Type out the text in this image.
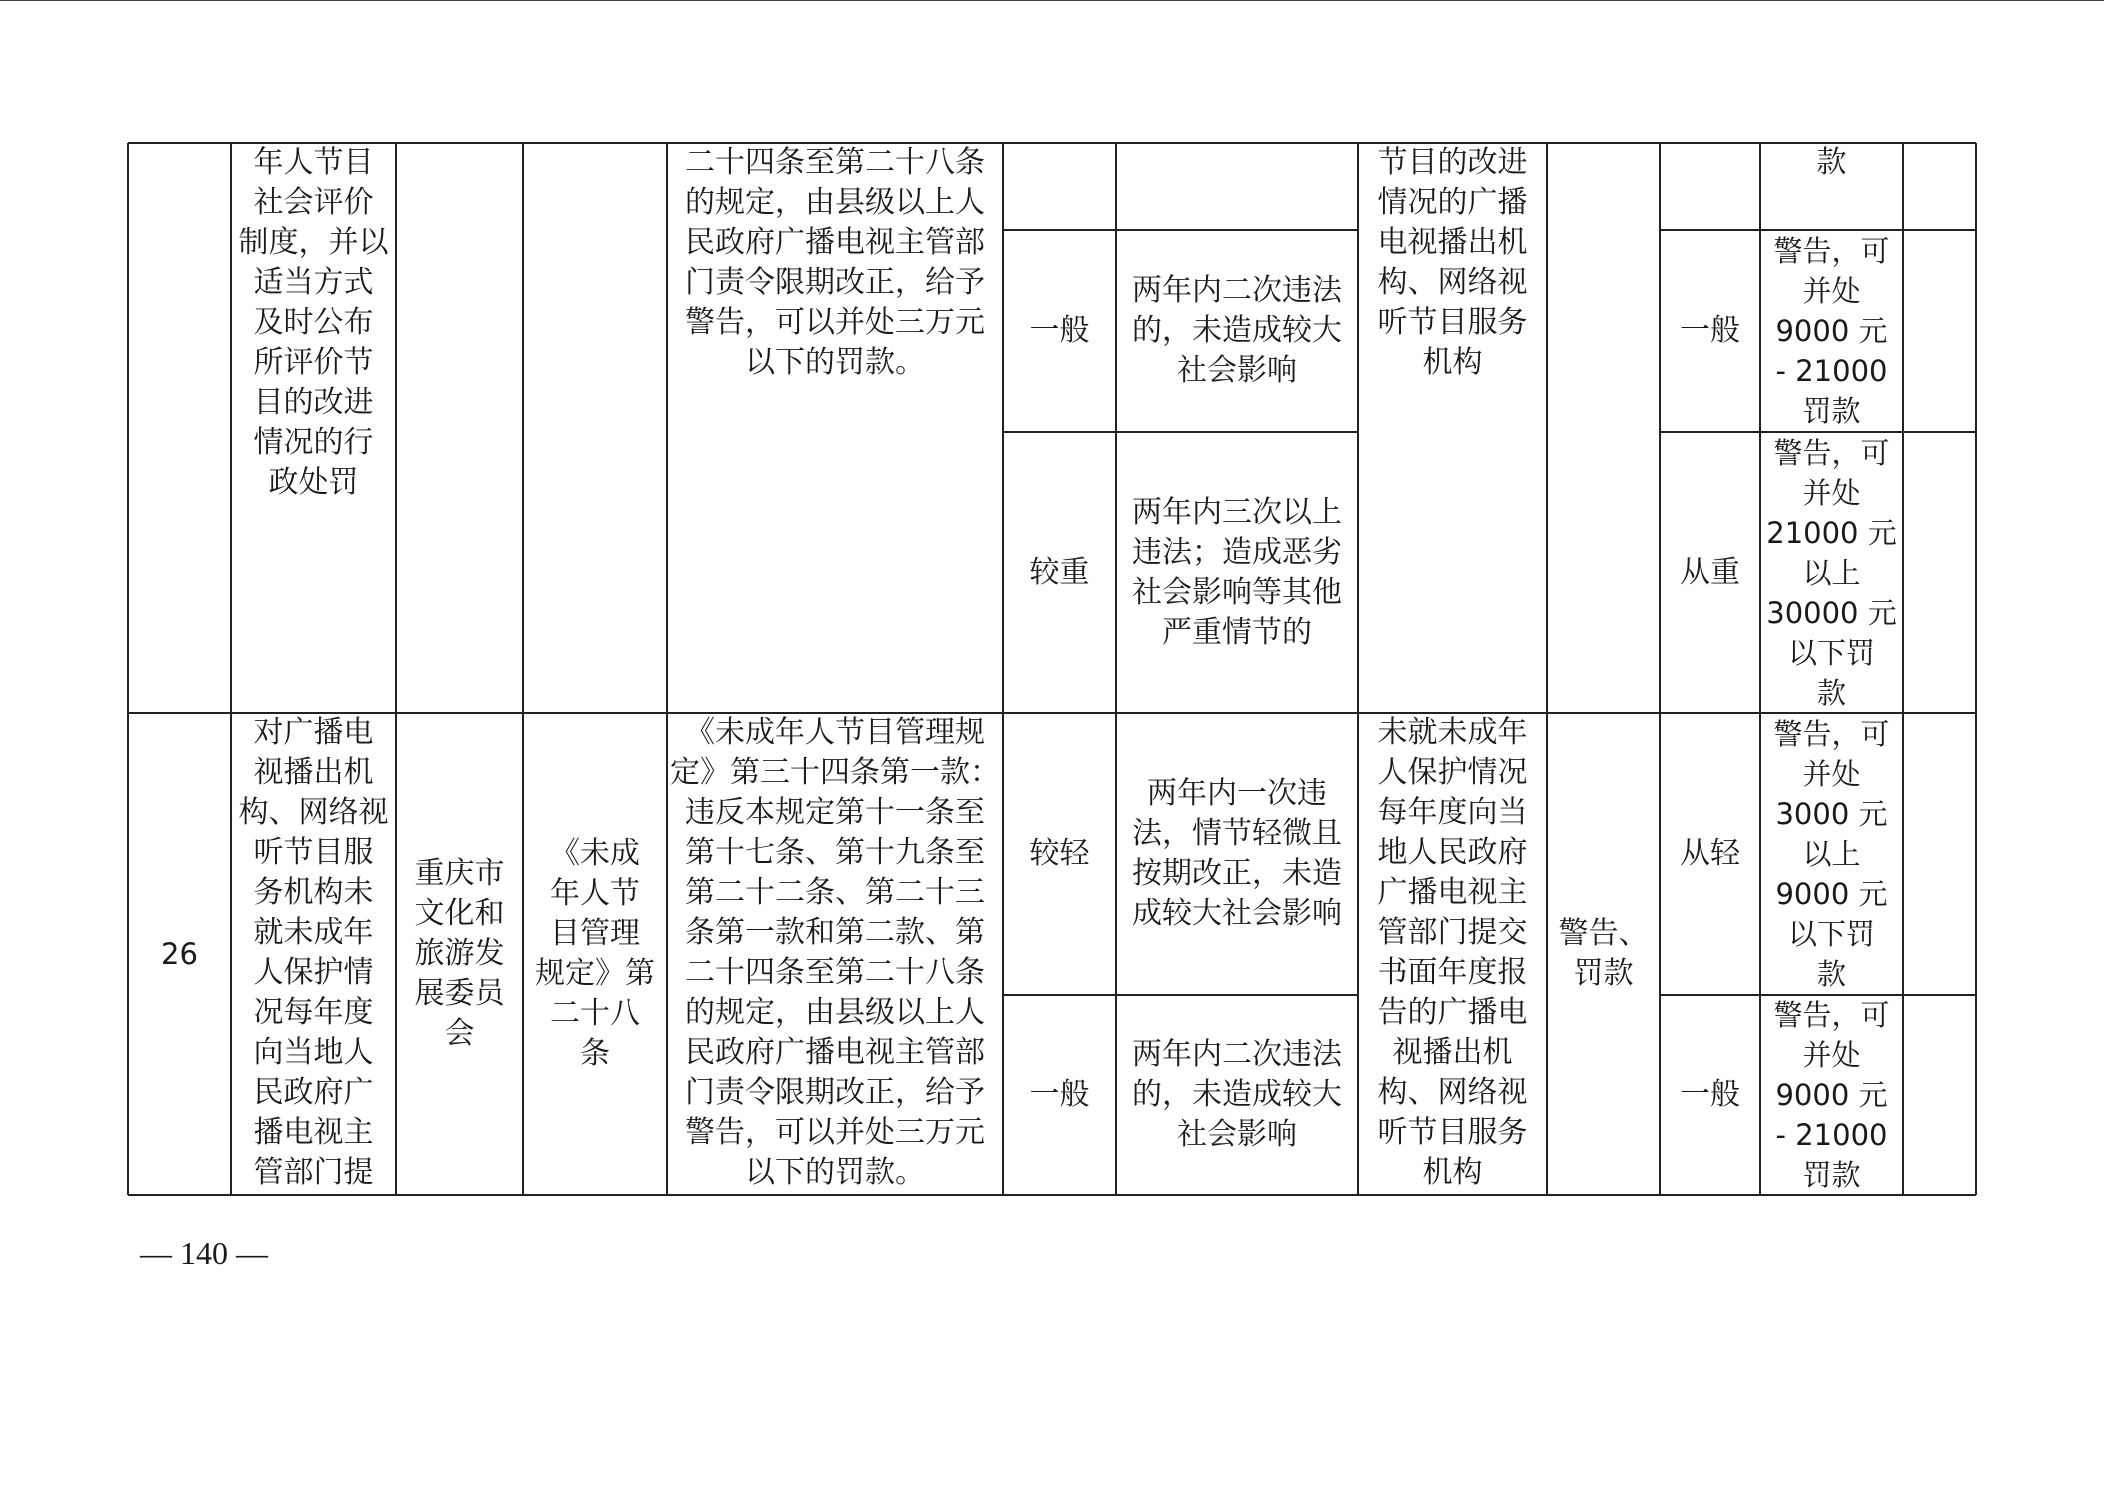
年人节目
社会评价
制度，并以
适当方式
及时公布
所评价节
目的改进
情况的行
政处罚
二十四条至第二十八条
的规定，由县级以上人
民政府广播电视主管部
门责令限期改正，给予
警告，可以并处三万元
以下的罚款。
节目的改进
情况的广播
电视播出机
构、网络视
听节目服务
机构
款
一般
两年内二次违法
的，未造成较大
社会影响
一般
警告，可
并处
9000 元
- 21000
罚款
较重
两年内三次以上
违法；造成恶劣
社会影响等其他
严重情节的
从重
警告，可
并处
21000 元
以上
30000 元
以下罚
款
26
对广播电
视播出机
构、网络视
听节目服
务机构未
就未成年
人保护情
况每年度
向当地人
民政府广
播电视主
管部门提
重庆市
文化和
旅游发
展委员
会
《未成
年人节
目管理
规定》第
二十八
条
《未成年人节目管理规
定》第三十四条第一款：
违反本规定第十一条至
第十七条、第十九条至
第二十二条、第二十三
条第一款和第二款、第
二十四条至第二十八条
的规定，由县级以上人
民政府广播电视主管部
门责令限期改正，给予
警告，可以并处三万元
以下的罚款。
未就未成年
人保护情况
每年度向当
地人民政府
广播电视主
管部门提交
书面年度报
告的广播电
视播出机
构、网络视
听节目服务
机构
警告、
罚款
较轻
两年内一次违
法，情节轻微且
按期改正，未造
成较大社会影响
从轻
警告，可
并处
3000 元
以上
9000 元
以下罚
款
一般
两年内二次违法
的，未造成较大
社会影响
一般
警告，可
并处
9000 元
- 21000
罚款
— 140 —
